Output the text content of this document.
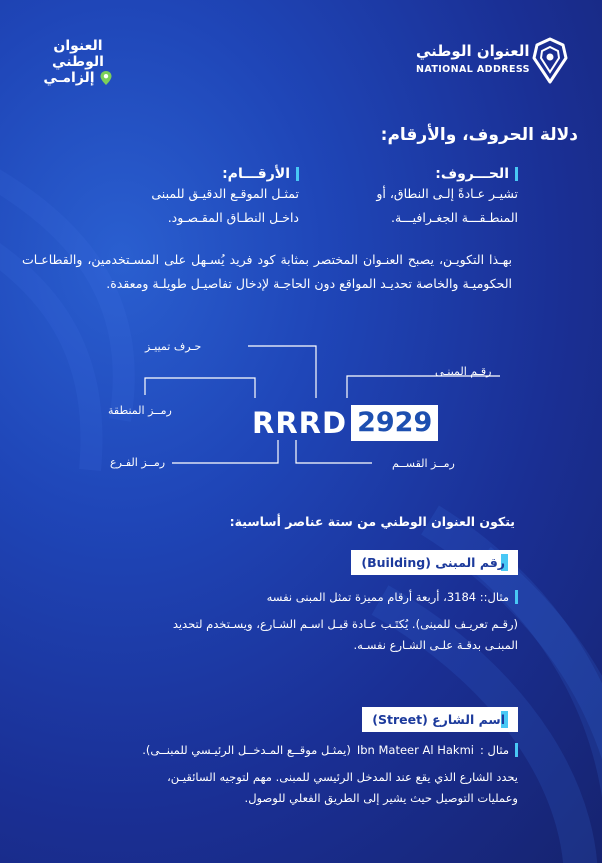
العنوان الوطني
إلزامـي
العنوان الوطني
NATIONAL ADDRESS
دلالة الحروف، والأرقام:
الحـــروف:
تشيـر عـادةً إلـى النطاق، أو
المنطـقـــة الجغـرافيـــة.
الأرقـــام:
تمثـل الموقـع الدقيـق للمبنى
داخـل النطـاق المقـصـود.
بهـذا التكويـن، يصبح العنـوان المختصر بمثابة كود فريد يُسـهل على المسـتخدمين، والقطاعـات الحكوميـة والخاصة تحديـد المواقع دون الحاجـة لإدخال تفاصيـل طويلـة ومعقدة.
حـرف تمييـز
رقـم المبنـى
رمــز المنطقة
رمــز الفـرع	رمــز القســم
RRRD 2929
يتكون العنوان الوطني من ستة عناصر أساسية:
رقم المبنى (Building)
مثال:: 3184، أربعة أرقام مميزة تمثل المبنى نفسه
(رقـم تعريـف للمبنى). يُكتَـب عـادة قبـل اسـم الشـارع، ويسـتخدم لتحديد
المبنـى بدقـة علـى الشـارع نفسـه.
اسم الشارع (Street)
مثال :
Ibn Mateer Al Hakmi
(يمثـل موقــع المـدخــل الرئيـسي للمبنــى).
يحدد الشارع الذي يقع عند المدخل الرئيسي للمبنى. مهم لتوجيه السائقيـن،
وعمليات التوصيل حيث يشير إلى الطريق الفعلي للوصول.
